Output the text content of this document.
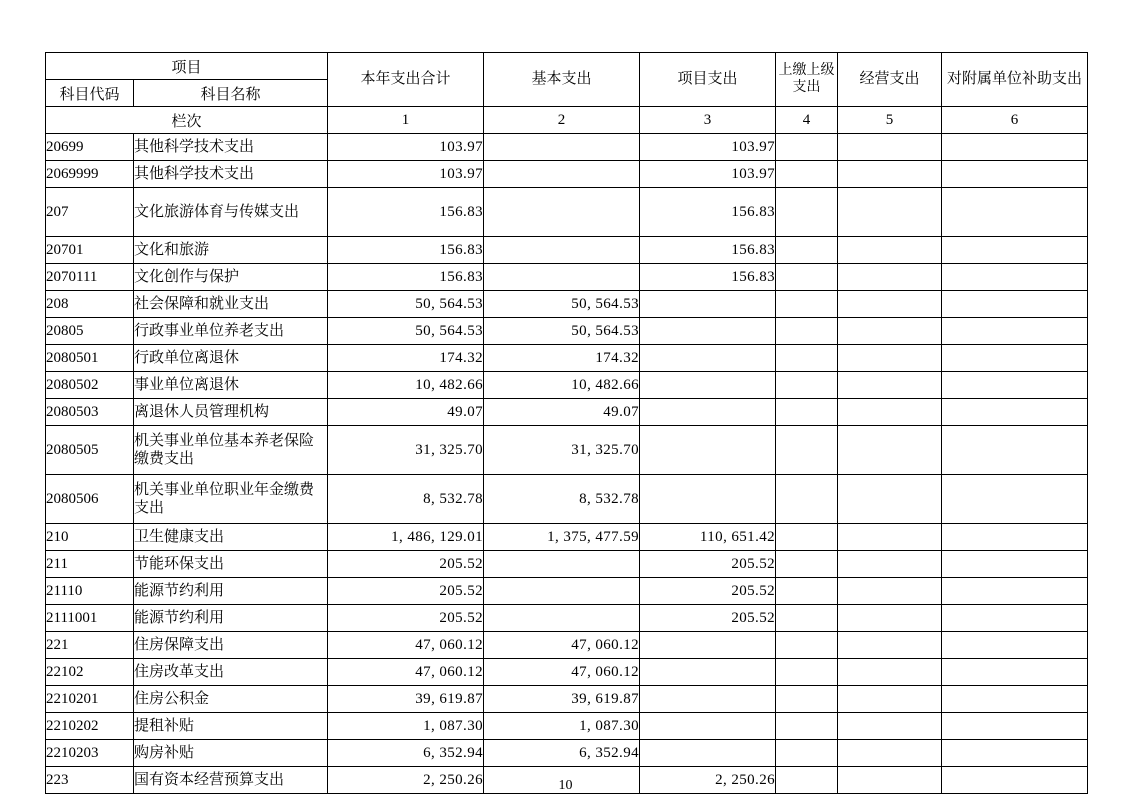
项目		本年支出合计	基本支出	项目支出	上缴上级支出	经营支出	对附属单位补助支出
科目代码	科目名称						
栏次		1	2	3	4	5	6
20699	其他科学技术支出	103.97		103.97			
2069999	其他科学技术支出	103.97		103.97			
207	文化旅游体育与传媒支出	156.83		156.83			
20701	文化和旅游	156.83		156.83			
2070111	文化创作与保护	156.83		156.83			
208	社会保障和就业支出	50, 564.53	50, 564.53				
20805	行政事业单位养老支出	50, 564.53	50, 564.53				
2080501	行政单位离退休	174.32	174.32				
2080502	事业单位离退休	10, 482.66	10, 482.66				
2080503	离退休人员管理机构	49.07	49.07				
2080505	机关事业单位基本养老保险缴费支出	31, 325.70	31, 325.70				
2080506	机关事业单位职业年金缴费支出	8, 532.78	8, 532.78				
210	卫生健康支出	1, 486, 129.01	1, 375, 477.59	110, 651.42			
211	节能环保支出	205.52		205.52			
21110	能源节约利用	205.52		205.52			
2111001	能源节约利用	205.52		205.52			
221	住房保障支出	47, 060.12	47, 060.12				
22102	住房改革支出	47, 060.12	47, 060.12				
2210201	住房公积金	39, 619.87	39, 619.87				
2210202	提租补贴	1, 087.30	1, 087.30				
2210203	购房补贴	6, 352.94	6, 352.94				
223	国有资本经营预算支出	2, 250.26		2, 250.26			
10
